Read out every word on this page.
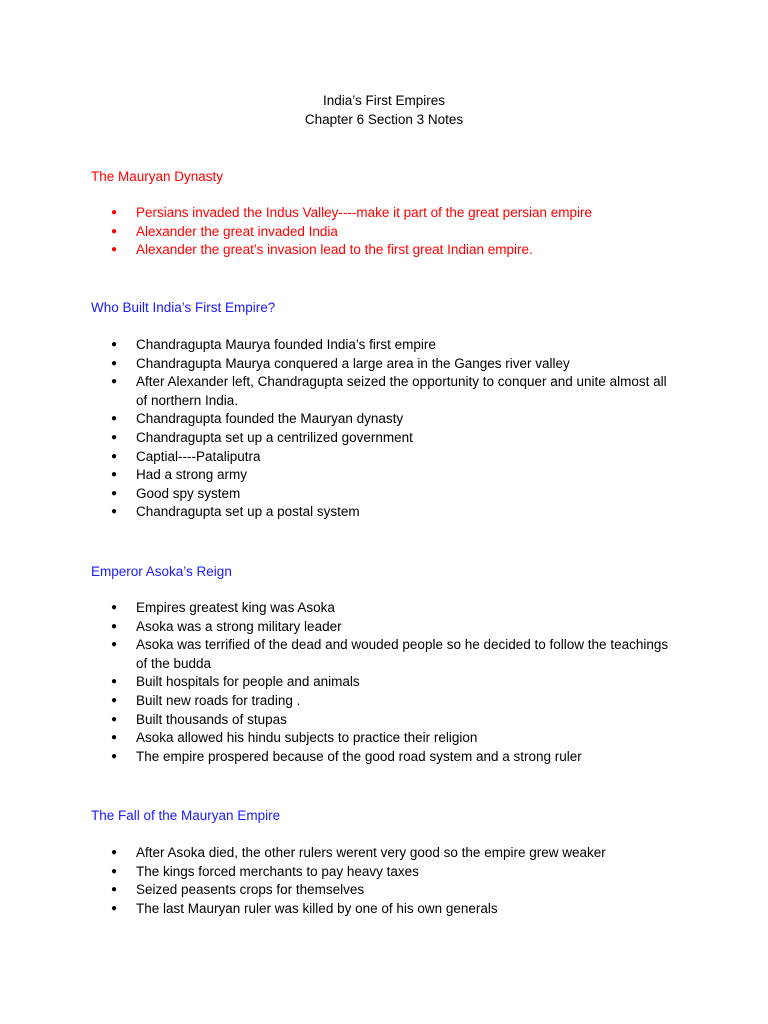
India’s First Empires
Chapter 6 Section 3 Notes
The Mauryan Dynasty
● Persians invaded the Indus Valley----make it part of the great persian empire
● Alexander the great invaded India
● Alexander the great’s invasion lead to the first great Indian empire.
Who Built India’s First Empire?
● Chandragupta Maurya founded India’s first empire
● Chandragupta Maurya conquered a large area in the Ganges river valley
● After Alexander left, Chandragupta seized the opportunity to conquer and unite almost all of northern India.
● Chandragupta founded the Mauryan dynasty
● Chandragupta set up a centrilized government
● Captial----Pataliputra
● Had a strong army
● Good spy system
● Chandragupta set up a postal system
Emperor Asoka’s Reign
● Empires greatest king was Asoka
● Asoka was a strong military leader
● Asoka was terrified of the dead and wouded people so he decided to follow the teachings of the budda
● Built hospitals for people and animals
● Built new roads for trading .
● Built thousands of stupas
● Asoka allowed his hindu subjects to practice their religion
● The empire prospered because of the good road system and a strong ruler
The Fall of the Mauryan Empire
● After Asoka died, the other rulers werent very good so the empire grew weaker
● The kings forced merchants to pay heavy taxes
● Seized peasents crops for themselves
● The last Mauryan ruler was killed by one of his own generals
